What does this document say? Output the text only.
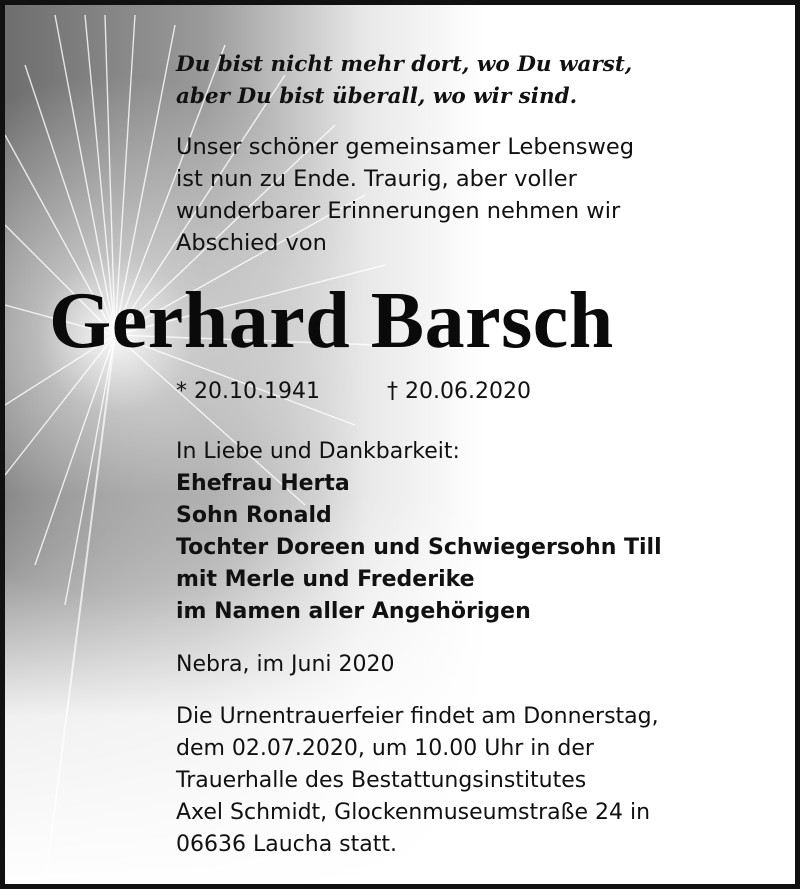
Du bist nicht mehr dort, wo Du warst,
aber Du bist überall, wo wir sind.
Unser schöner gemeinsamer Lebensweg
ist nun zu Ende. Traurig, aber voller
wunderbarer Erinnerungen nehmen wir
Abschied von
Gerhard Barsch
* 20.10.1941	† 20.06.2020
In Liebe und Dankbarkeit:
Ehefrau Herta
Sohn Ronald
Tochter Doreen und Schwiegersohn Till
mit Merle und Frederike
im Namen aller Angehörigen
Nebra, im Juni 2020
Die Urnentrauerfeier findet am Donnerstag,
dem 02.07.2020, um 10.00 Uhr in der
Trauerhalle des Bestattungsinstitutes
Axel Schmidt, Glockenmuseumstraße 24 in
06636 Laucha statt.
